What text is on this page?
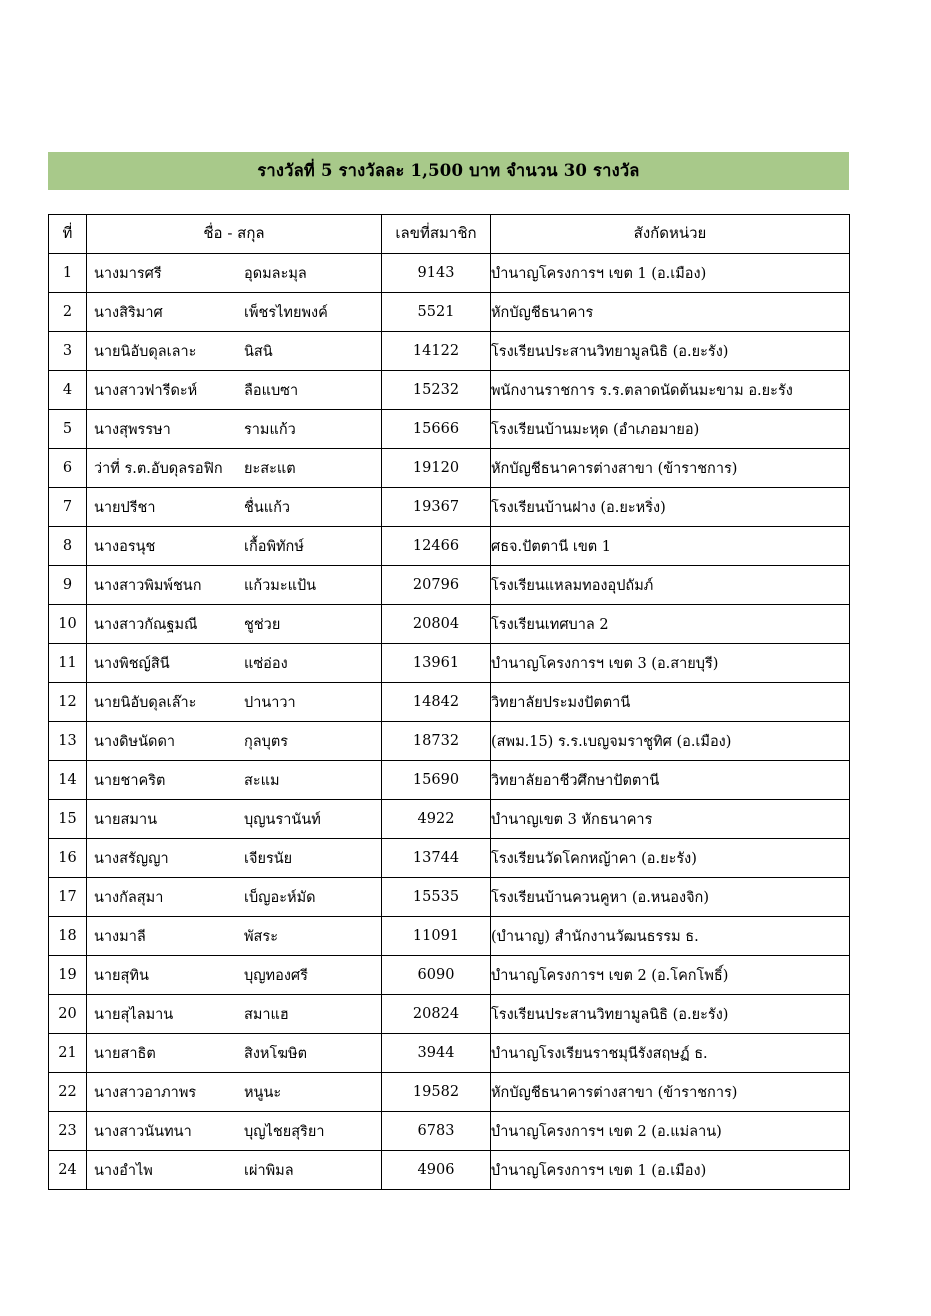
รางวัลที่ 5 รางวัลละ 1,500 บาท จำนวน 30 รางวัล
ที่	ชื่อ - สกุล	เลขที่สมาชิก	สังกัดหน่วย

1	นางมารศรี อุดมละมุล	9143	บำนาญโครงการฯ เขต 1 (อ.เมือง)
2	นางสิริมาศ เพ็ชรไทยพงค์	5521	หักบัญชีธนาคาร
3	นายนิอับดุลเลาะ นิสนิ	14122	โรงเรียนประสานวิทยามูลนิธิ (อ.ยะรัง)
4	นางสาวฟารีดะห์ ลือแบซา	15232	พนักงานราชการ ร.ร.ตลาดนัดต้นมะขาม อ.ยะรัง
5	นางสุพรรษา รามแก้ว	15666	โรงเรียนบ้านมะหุด (อำเภอมายอ)
6	ว่าที่ ร.ต.อับดุลรอฟิก ยะสะแต	19120	หักบัญชีธนาคารต่างสาขา (ข้าราชการ)
7	นายปรีชา ชื่นแก้ว	19367	โรงเรียนบ้านฝาง (อ.ยะหริ่ง)
8	นางอรนุช เกื้อพิทักษ์	12466	ศธจ.ปัตตานี เขต 1
9	นางสาวพิมพ์ชนก แก้วมะแป้น	20796	โรงเรียนแหลมทองอุปถัมภ์
10	นางสาวกัณฐมณี ชูช่วย	20804	โรงเรียนเทศบาล 2
11	นางพิชญ์สินี แซ่อ่อง	13961	บำนาญโครงการฯ เขต 3 (อ.สายบุรี)
12	นายนิอับดุลเล๊าะ ปานาวา	14842	วิทยาลัยประมงปัตตานี
13	นางดิษนัดดา กุลบุตร	18732	(สพม.15) ร.ร.เบญจมราชูทิศ (อ.เมือง)
14	นายชาคริต สะแม	15690	วิทยาลัยอาชีวศึกษาปัตตานี
15	นายสมาน บุญนรานันท์	4922	บำนาญเขต 3 หักธนาคาร
16	นางสรัญญา เจียรนัย	13744	โรงเรียนวัดโคกหญ้าคา (อ.ยะรัง)
17	นางกัลสุมา เบ็ญอะห์มัด	15535	โรงเรียนบ้านควนคูหา (อ.หนองจิก)
18	นางมาลี พัสระ	11091	(บำนาญ) สำนักงานวัฒนธรรม ธ.
19	นายสุทิน บุญทองศรี	6090	บำนาญโครงการฯ เขต 2 (อ.โคกโพธิ์)
20	นายสุไลมาน สมาแฮ	20824	โรงเรียนประสานวิทยามูลนิธิ (อ.ยะรัง)
21	นายสาธิต สิงหโฆษิต	3944	บำนาญโรงเรียนราชมุนีรังสฤษฏ์ ธ.
22	นางสาวอาภาพร หนูนะ	19582	หักบัญชีธนาคารต่างสาขา (ข้าราชการ)
23	นางสาวนันทนา บุญไชยสุริยา	6783	บำนาญโครงการฯ เขต 2 (อ.แม่ลาน)
24	นางอำไพ เผ่าพิมล	4906	บำนาญโครงการฯ เขต 1 (อ.เมือง)
